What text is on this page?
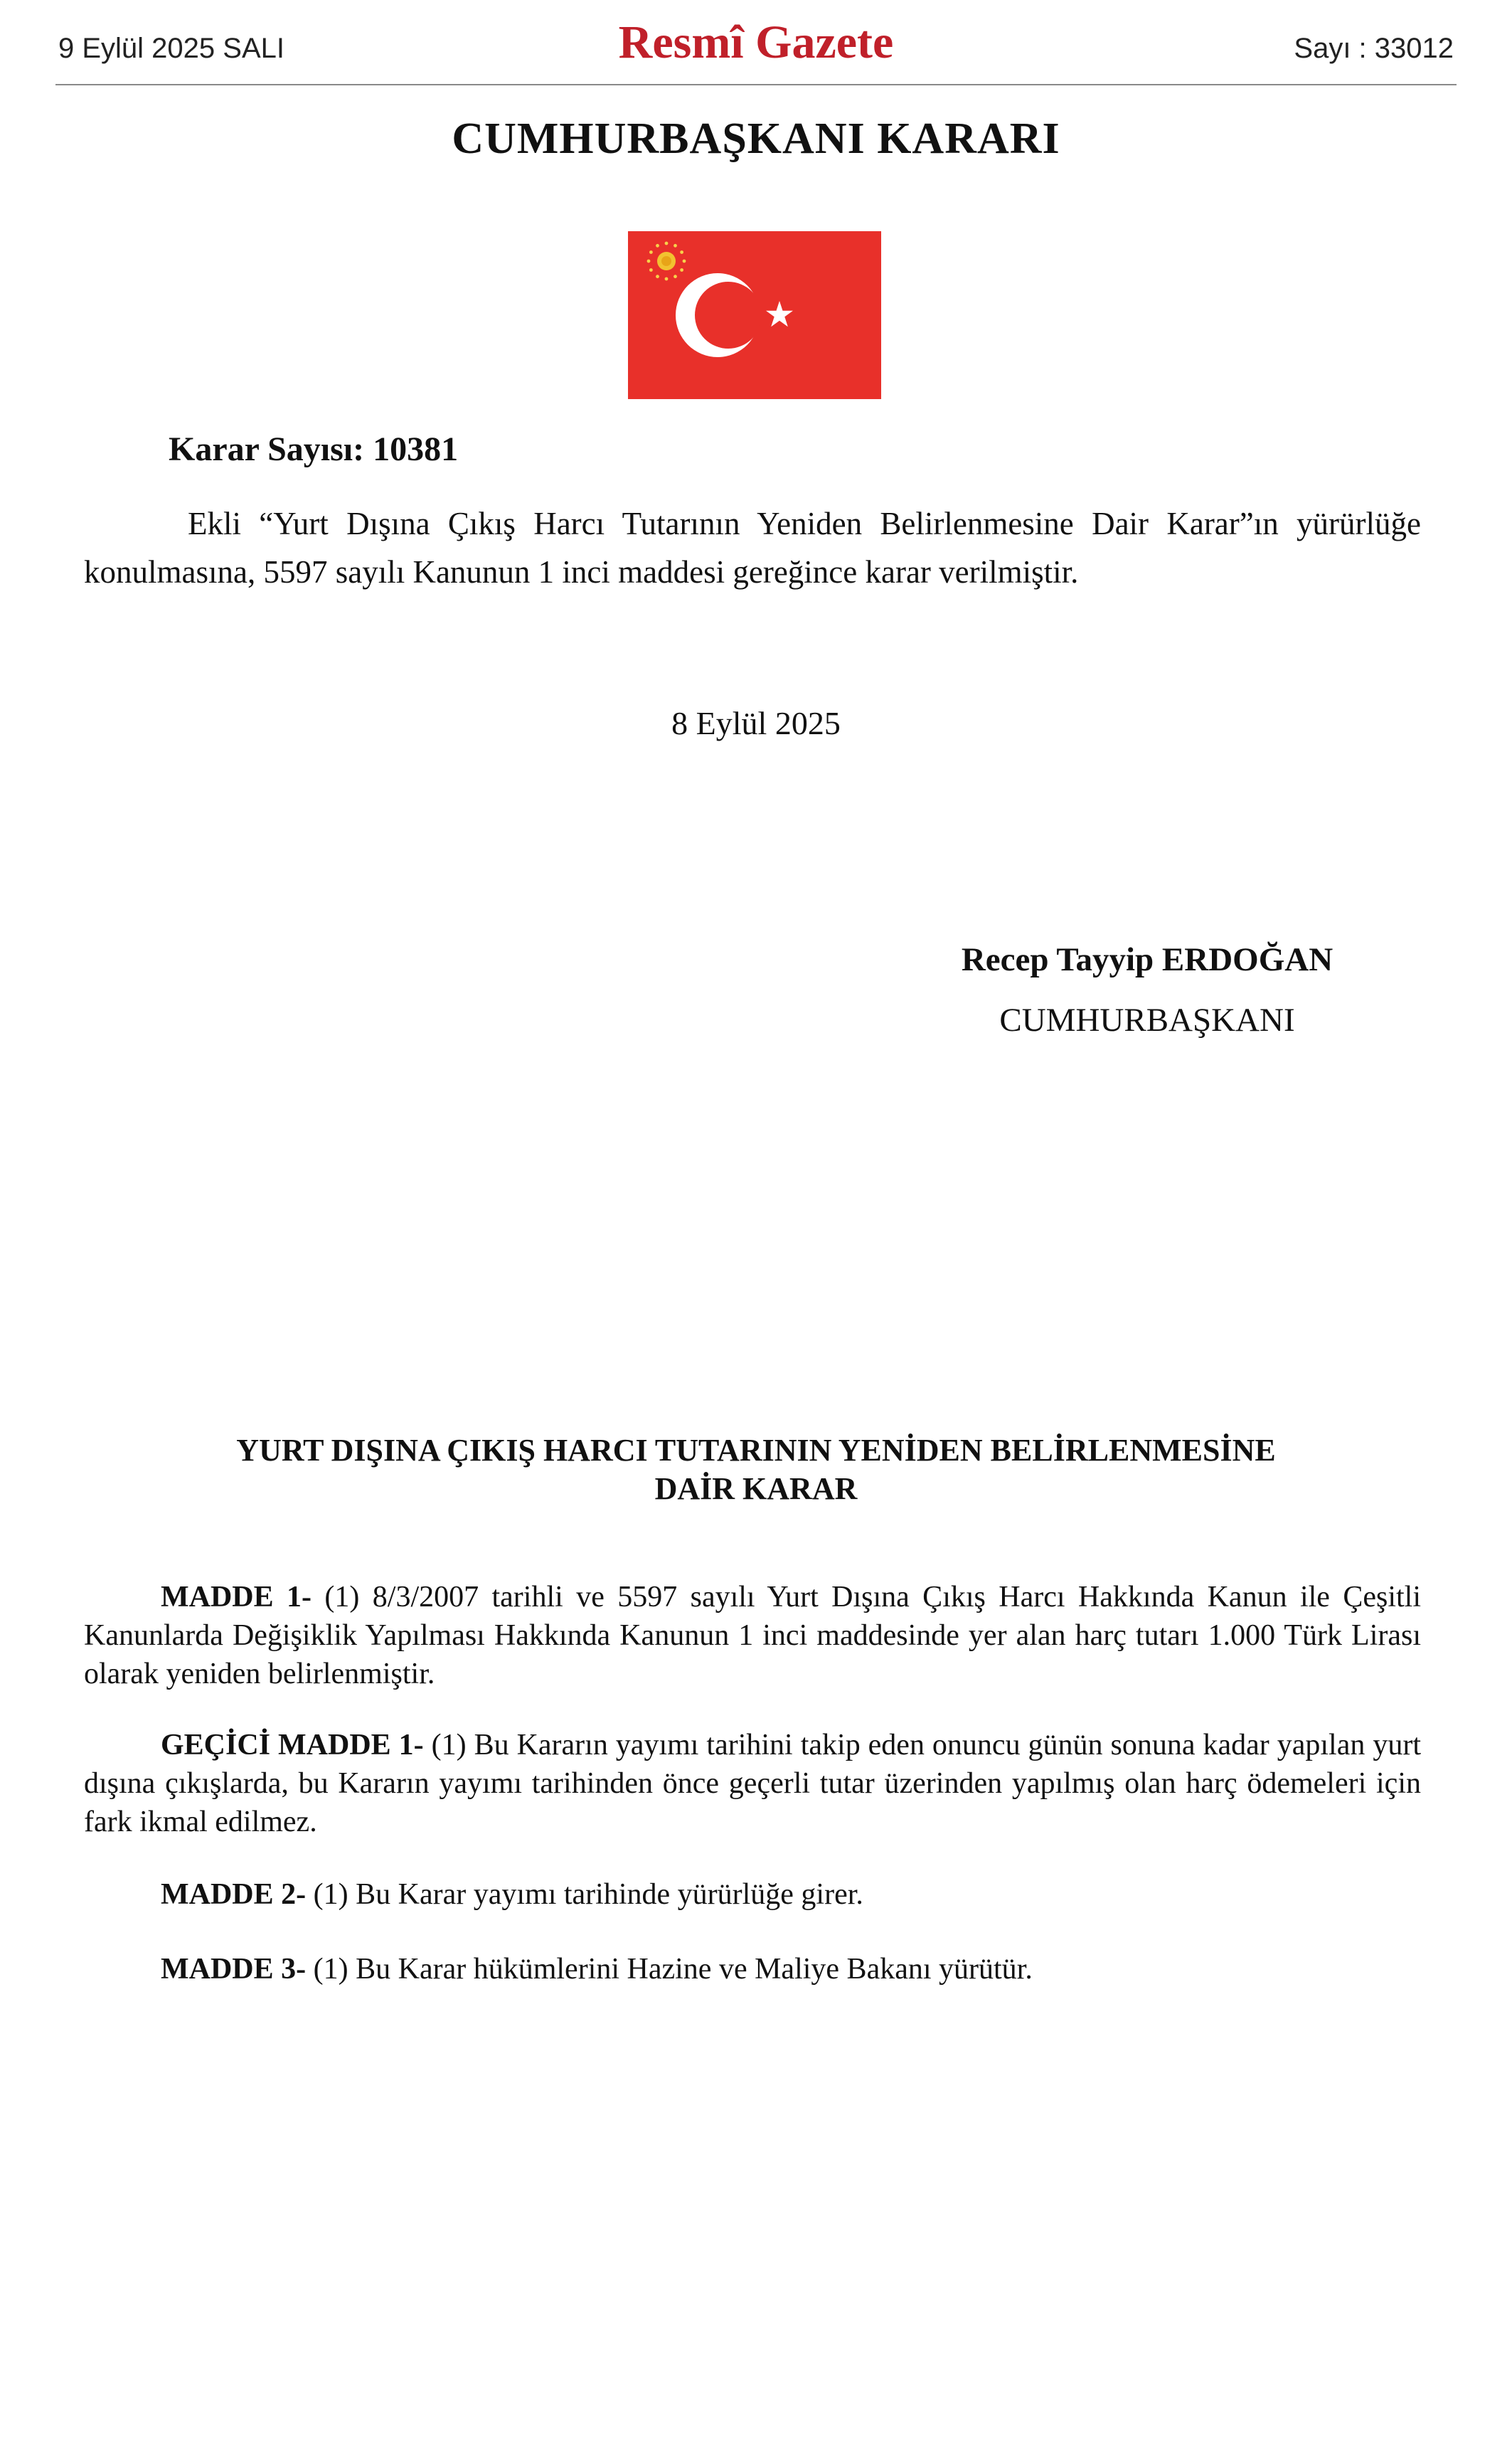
9 Eylül 2025 SALI	Resmî Gazete	Sayı : 33012
CUMHURBAŞKANI KARARI
Karar Sayısı: 10381

Ekli “Yurt Dışına Çıkış Harcı Tutarının Yeniden Belirlenmesine Dair Karar”ın yürürlüğe konulmasına, 5597 sayılı Kanunun 1 inci maddesi gereğince karar verilmiştir.

8 Eylül 2025
Recep Tayyip ERDOĞAN
CUMHURBAŞKANI
YURT DIŞINA ÇIKIŞ HARCI TUTARININ YENİDEN BELİRLENMESİNE
DAİR KARAR

MADDE 1- (1) 8/3/2007 tarihli ve 5597 sayılı Yurt Dışına Çıkış Harcı Hakkında Kanun ile Çeşitli Kanunlarda Değişiklik Yapılması Hakkında Kanunun 1 inci maddesinde yer alan harç tutarı 1.000 Türk Lirası olarak yeniden belirlenmiştir.

GEÇİCİ MADDE 1- (1) Bu Kararın yayımı tarihini takip eden onuncu günün sonuna kadar yapılan yurt dışına çıkışlarda, bu Kararın yayımı tarihinden önce geçerli tutar üzerinden yapılmış olan harç ödemeleri için fark ikmal edilmez.

MADDE 2- (1) Bu Karar yayımı tarihinde yürürlüğe girer.

MADDE 3- (1) Bu Karar hükümlerini Hazine ve Maliye Bakanı yürütür.
